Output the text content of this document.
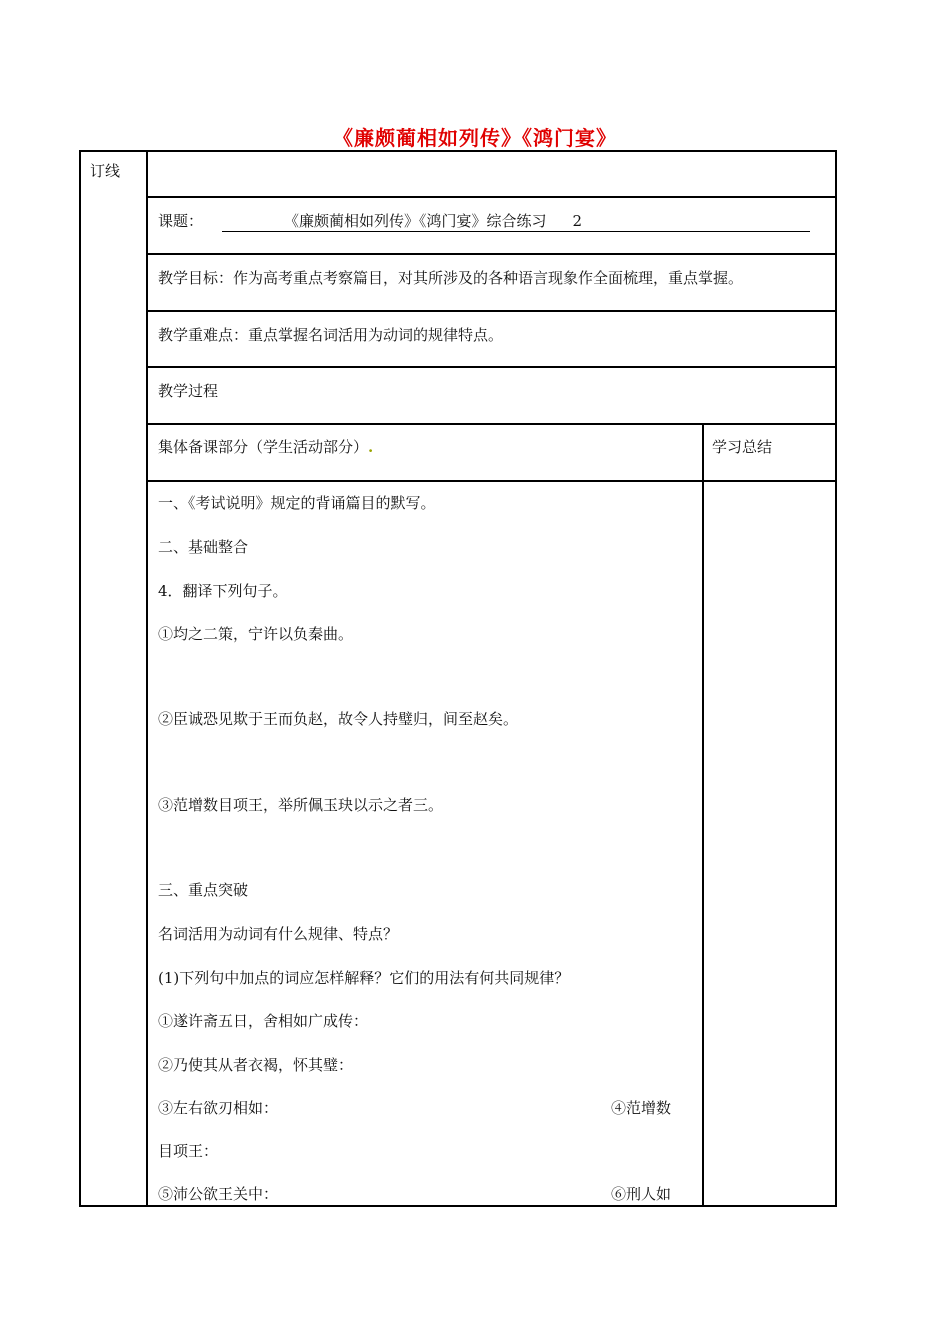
《廉颇蔺相如列传》《鸿门宴》
订线
课题：	《廉颇蔺相如列传》《鸿门宴》综合练习 2
教学目标：作为高考重点考察篇目，对其所涉及的各种语言现象作全面梳理，重点掌握。
教学重难点：重点掌握名词活用为动词的规律特点。
教学过程
集体备课部分（学生活动部分）.	学习总结
一、《考试说明》规定的背诵篇目的默写。
二、基础整合
4．翻译下列句子。
①均之二策，宁许以负秦曲。
②臣诚恐见欺于王而负赵，故令人持璧归，间至赵矣。
③范增数目项王，举所佩玉玦以示之者三。
三、重点突破
名词活用为动词有什么规律、特点？
(1)下列句中加点的词应怎样解释？它们的用法有何共同规律？
①遂许斋五日，舍相如广成传：
②乃使其从者衣褐，怀其璧：
③左右欲刃相如：	④范增数
目项王：
⑤沛公欲王关中：	⑥刑人如
